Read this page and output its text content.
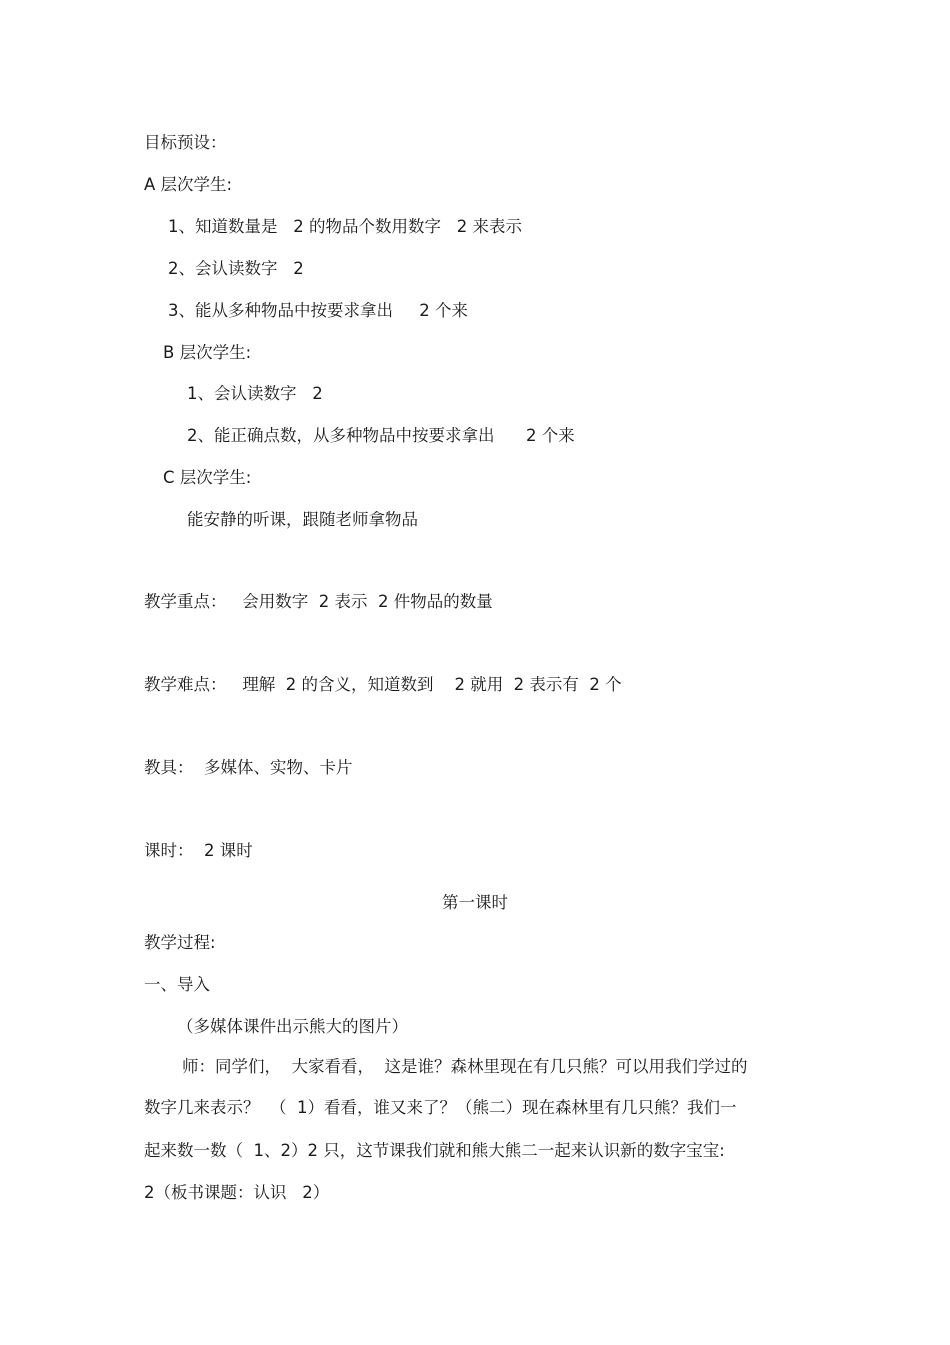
目标预设：
A 层次学生:
1、知道数量是   2 的物品个数用数字   2 来表示
2、会认读数字   2
3、能从多种物品中按要求拿出     2 个来
B 层次学生:
1、会认读数字   2
2、能正确点数，从多种物品中按要求拿出      2 个来
C 层次学生:
能安静的听课，跟随老师拿物品
教学重点：   会用数字  2 表示  2 件物品的数量
教学难点：   理解  2 的含义，知道数到    2 就用  2 表示有  2 个
教具：  多媒体、实物、卡片
课时：  2 课时
第一课时
教学过程:
一、导入
（多媒体课件出示熊大的图片）
师：同学们，  大家看看，  这是谁？森林里现在有几只熊？可以用我们学过的
数字几来表示？  （  1）看看，谁又来了？（熊二）现在森林里有几只熊？我们一
起来数一数（  1、2）2 只，这节课我们就和熊大熊二一起来认识新的数字宝宝:
2（板书课题：认识   2）
